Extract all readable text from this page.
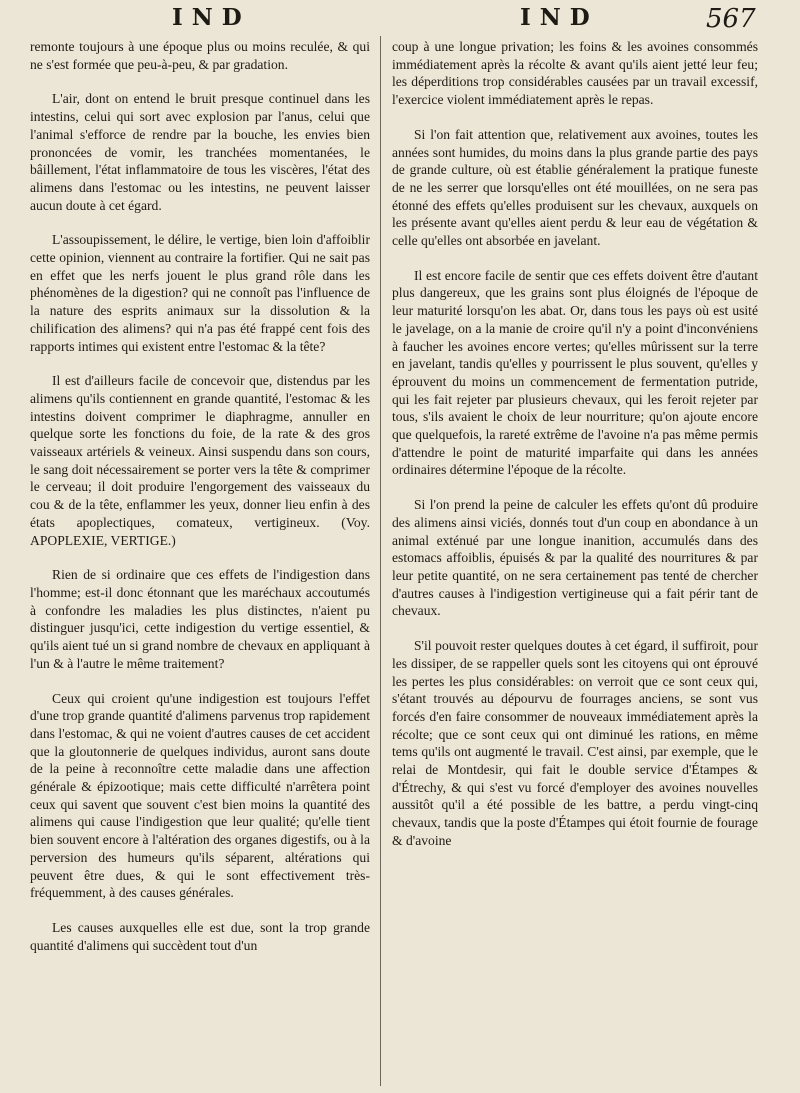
IND	IND	567

remonte toujours à une époque plus ou moins reculée, & qui ne s'est formée que peu-à-peu, & par gradation.

L'air, dont on entend le bruit presque continuel dans les intestins, celui qui sort avec explosion par l'anus, celui que l'animal s'efforce de rendre par la bouche, les envies bien prononcées de vomir, les tranchées momentanées, le bâillement, l'état inflammatoire de tous les viscères, l'état des alimens dans l'estomac ou les intestins, ne peuvent laisser aucun doute à cet égard.

L'assoupissement, le délire, le vertige, bien loin d'affoiblir cette opinion, viennent au contraire la fortifier. Qui ne sait pas en effet que les nerfs jouent le plus grand rôle dans les phénomènes de la digestion? qui ne connoît pas l'influence de la nature des esprits animaux sur la dissolution & la chilification des alimens? qui n'a pas été frappé cent fois des rapports intimes qui existent entre l'estomac & la tête?

Il est d'ailleurs facile de concevoir que, distendus par les alimens qu'ils contiennent en grande quantité, l'estomac & les intestins doivent comprimer le diaphragme, annuller en quelque sorte les fonctions du foie, de la rate & des gros vaisseaux artériels & veineux. Ainsi suspendu dans son cours, le sang doit nécessairement se porter vers la tête & comprimer le cerveau; il doit produire l'engorgement des vaisseaux du cou & de la tête, enflammer les yeux, donner lieu enfin à des états apoplectiques, comateux, vertigineux. (Voy. APOPLEXIE, VERTIGE.)

Rien de si ordinaire que ces effets de l'indigestion dans l'homme; est-il donc étonnant que les maréchaux accoutumés à confondre les maladies les plus distinctes, n'aient pu distinguer jusqu'ici, cette indigestion du vertige essentiel, & qu'ils aient tué un si grand nombre de chevaux en appliquant à l'un & à l'autre le même traitement?

Ceux qui croient qu'une indigestion est toujours l'effet d'une trop grande quantité d'alimens parvenus trop rapidement dans l'estomac, & qui ne voient d'autres causes de cet accident que la gloutonnerie de quelques individus, auront sans doute de la peine à reconnoître cette maladie dans une affection générale & épizootique; mais cette difficulté n'arrêtera point ceux qui savent que souvent c'est bien moins la quantité des alimens qui cause l'indigestion que leur qualité; qu'elle tient bien souvent encore à l'altération des organes digestifs, ou à la perversion des humeurs qu'ils séparent, altérations qui peuvent être dues, & qui le sont effectivement très-fréquemment, à des causes générales.

Les causes auxquelles elle est due, sont la trop grande quantité d'alimens qui succèdent tout d'un

coup à une longue privation; les foins & les avoines consommés immédiatement après la récolte & avant qu'ils aient jetté leur feu; les déperditions trop considérables causées par un travail excessif, l'exercice violent immédiatement après le repas.

Si l'on fait attention que, relativement aux avoines, toutes les années sont humides, du moins dans la plus grande partie des pays de grande culture, où est établie généralement la pratique funeste de ne les serrer que lorsqu'elles ont été mouillées, on ne sera pas étonné des effets qu'elles produisent sur les chevaux, auxquels on les présente avant qu'elles aient perdu & leur eau de végétation & celle qu'elles ont absorbée en javelant.

Il est encore facile de sentir que ces effets doivent être d'autant plus dangereux, que les grains sont plus éloignés de l'époque de leur maturité lorsqu'on les abat. Or, dans tous les pays où est usité le javelage, on a la manie de croire qu'il n'y a point d'inconvéniens à faucher les avoines encore vertes; qu'elles mûrissent sur la terre en javelant, tandis qu'elles y pourrissent le plus souvent, qu'elles y éprouvent du moins un commencement de fermentation putride, qui les fait rejeter par plusieurs chevaux, qui les feroit rejeter par tous, s'ils avaient le choix de leur nourriture; qu'on ajoute encore que quelquefois, la rareté extrême de l'avoine n'a pas même permis d'attendre le point de maturité imparfaite qui dans les années ordinaires détermine l'époque de la récolte.

Si l'on prend la peine de calculer les effets qu'ont dû produire des alimens ainsi viciés, donnés tout d'un coup en abondance à un animal exténué par une longue inanition, accumulés dans des estomacs affoiblis, épuisés & par la qualité des nourritures & par leur petite quantité, on ne sera certainement pas tenté de chercher d'autres causes à l'indigestion vertigineuse qui a fait périr tant de chevaux.

S'il pouvoit rester quelques doutes à cet égard, il suffiroit, pour les dissiper, de se rappeller quels sont les citoyens qui ont éprouvé les pertes les plus considérables: on verroit que ce sont ceux qui, s'étant trouvés au dépourvu de fourrages anciens, se sont vus forcés d'en faire consommer de nouveaux immédiatement après la récolte; que ce sont ceux qui ont diminué les rations, en même tems qu'ils ont augmenté le travail. C'est ainsi, par exemple, que le relai de Montdesir, qui fait le double service d'Étampes & d'Étrechy, & qui s'est vu forcé d'employer des avoines nouvelles aussitôt qu'il a été possible de les battre, a perdu vingt-cinq chevaux, tandis que la poste d'Étampes qui étoit fournie de fourage & d'avoine
